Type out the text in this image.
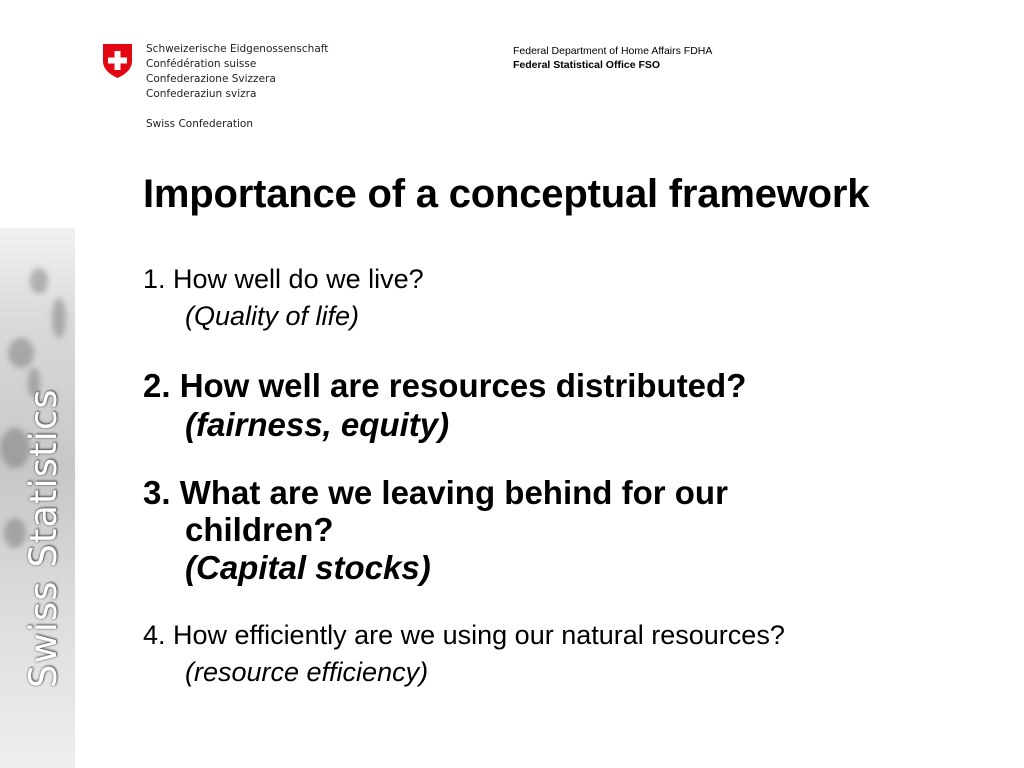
Swiss Statistics
Schweizerische Eidgenossenschaft
Confédération suisse
Confederazione Svizzera
Confederaziun svizra
Swiss Confederation
Federal Department of Home Affairs FDHA
Federal Statistical Office FSO
Importance of a conceptual framework
1. How well do we live?
(Quality of life)
2. How well are resources distributed?
(fairness, equity)
3. What are we leaving behind for our
children?
(Capital stocks)
4. How efficiently are we using our natural resources?
(resource efficiency)
